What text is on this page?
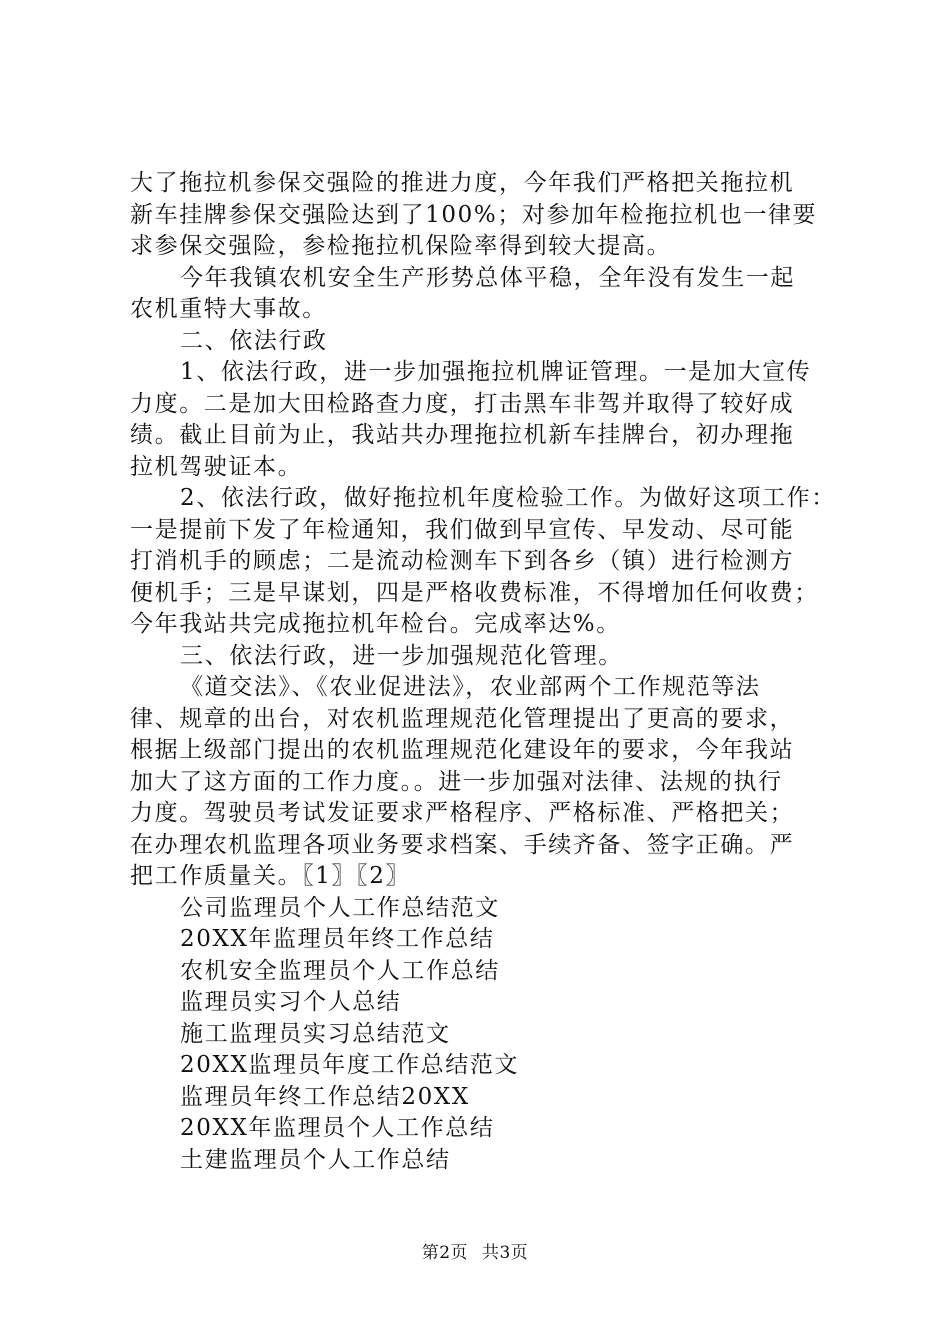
大了拖拉机参保交强险的推进力度，今年我们严格把关拖拉机
新车挂牌参保交强险达到了100%；对参加年检拖拉机也一律要
求参保交强险，参检拖拉机保险率得到较大提高。
今年我镇农机安全生产形势总体平稳，全年没有发生一起
农机重特大事故。
二、依法行政
1、依法行政，进一步加强拖拉机牌证管理。一是加大宣传
力度。二是加大田检路查力度，打击黑车非驾并取得了较好成
绩。截止目前为止，我站共办理拖拉机新车挂牌台，初办理拖
拉机驾驶证本。
2、依法行政，做好拖拉机年度检验工作。为做好这项工作：
一是提前下发了年检通知，我们做到早宣传、早发动、尽可能
打消机手的顾虑；二是流动检测车下到各乡（镇）进行检测方
便机手；三是早谋划，四是严格收费标准，不得增加任何收费；
今年我站共完成拖拉机年检台。完成率达%。
三、依法行政，进一步加强规范化管理。
《道交法》、《农业促进法》，农业部两个工作规范等法
律、规章的出台，对农机监理规范化管理提出了更高的要求，
根据上级部门提出的农机监理规范化建设年的要求，今年我站
加大了这方面的工作力度。。进一步加强对法律、法规的执行
力度。驾驶员考试发证要求严格程序、严格标准、严格把关；
在办理农机监理各项业务要求档案、手续齐备、签字正确。严
把工作质量关。〖1〗〖2〗
公司监理员个人工作总结范文
20XX年监理员年终工作总结
农机安全监理员个人工作总结
监理员实习个人总结
施工监理员实习总结范文
20XX监理员年度工作总结范文
监理员年终工作总结20XX
20XX年监理员个人工作总结
土建监理员个人工作总结
第2页 共3页
